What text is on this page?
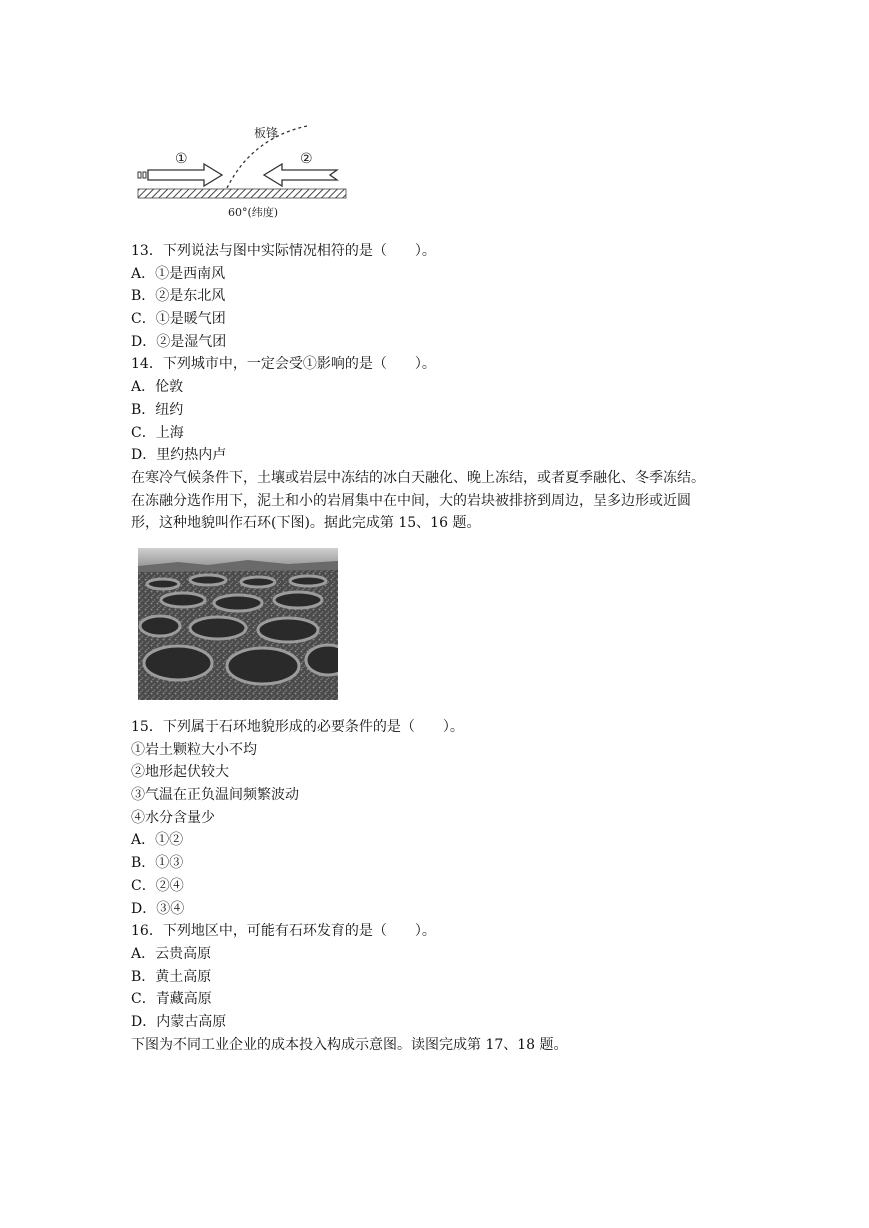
板 锋
①	②
60°(纬度)
13．下列说法与图中实际情况相符的是（　　）。
A．①是西南风
B．②是东北风
C．①是暖气团
D．②是湿气团
14．下列城市中，一定会受①影响的是（　　）。
A．伦敦
B．纽约
C．上海
D．里约热内卢
在寒冷气候条件下，土壤或岩层中冻结的冰白天融化、晚上冻结，或者夏季融化、冬季冻结。
在冻融分选作用下，泥土和小的岩屑集中在中间，大的岩块被排挤到周边，呈多边形或近圆
形，这种地貌叫作石环(下图)。据此完成第 15、16 题。
15．下列属于石环地貌形成的必要条件的是（　　）。
①岩土颗粒大小不均
②地形起伏较大
③气温在正负温间频繁波动
④水分含量少
A．①②
B．①③
C．②④
D．③④
16．下列地区中，可能有石环发育的是（　　）。
A．云贵高原
B．黄土高原
C．青藏高原
D．内蒙古高原
下图为不同工业企业的成本投入构成示意图。读图完成第 17、18 题。
